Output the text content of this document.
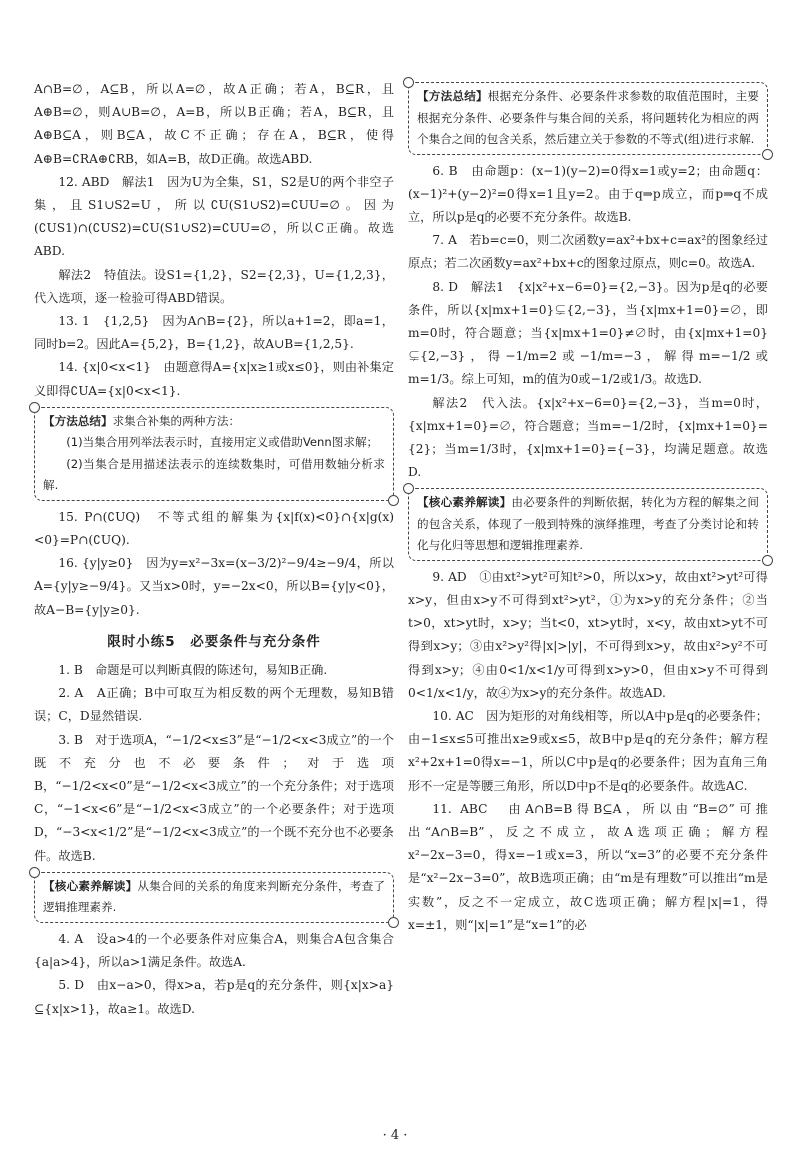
A∩B=∅，A⊆B，所以A=∅，故A正确；若A，B⊆R，且A⊕B=∅，则A∪B=∅，A=B，所以B正确；若A，B⊆R，且A⊕B⊆A，则B⊆A，故C不正确；存在A，B⊆R，使得A⊕B=∁RA⊕∁RB，如A=B，故D正确。故选ABD.

12. ABD　解法1　因为U为全集，S1，S2是U的两个非空子集，且S1∪S2=U，所以∁U(S1∪S2)=∁UU=∅。因为(∁US1)∩(∁US2)=∁U(S1∪S2)=∁UU=∅，所以C正确。故选ABD.

解法2　特值法。设S1={1,2}，S2={2,3}，U={1,2,3}，代入选项，逐一检验可得ABD错误。

13. 1　{1,2,5}　因为A∩B={2}，所以a+1=2，即a=1，同时b=2。因此A={5,2}，B={1,2}，故A∪B={1,2,5}.

14. {x|0<x<1}　由题意得A={x|x≥1或x≤0}，则由补集定义即得∁UA={x|0<x<1}.

【方法总结】求集合补集的两种方法：

(1)当集合用列举法表示时，直接用定义或借助Venn图求解；

(2)当集合是用描述法表示的连续数集时，可借用数轴分析求解.

15. P∩(∁UQ)　不等式组的解集为{x|f(x)<0}∩{x|g(x)<0}=P∩(∁UQ).

16. {y|y≥0}　因为y=x²−3x=(x−3/2)²−9/4≥−9/4，所以A={y|y≥−9/4}。又当x>0时，y=−2x<0，所以B={y|y<0}，故A−B={y|y≥0}.

限时小练5　必要条件与充分条件

1. B　命题是可以判断真假的陈述句，易知B正确.

2. A　A正确；B中可取互为相反数的两个无理数，易知B错误；C，D显然错误.

3. B　对于选项A，“−1/2<x≤3”是“−1/2<x<3成立”的一个既不充分也不必要条件；对于选项B，“−1/2<x<0”是“−1/2<x<3成立”的一个充分条件；对于选项C，“−1<x<6”是“−1/2<x<3成立”的一个必要条件；对于选项D，“−3<x<1/2”是“−1/2<x<3成立”的一个既不充分也不必要条件。故选B.

【核心素养解读】从集合间的关系的角度来判断充分条件，考查了逻辑推理素养.

4. A　设a>4的一个必要条件对应集合A，则集合A包含集合{a|a>4}，所以a>1满足条件。故选A.

5. D　由x−a>0，得x>a，若p是q的充分条件，则{x|x>a}⊆{x|x>1}，故a≥1。故选D.

【方法总结】根据充分条件、必要条件求参数的取值范围时，主要根据充分条件、必要条件与集合间的关系，将问题转化为相应的两个集合之间的包含关系，然后建立关于参数的不等式(组)进行求解.

6. B　由命题p：(x−1)(y−2)=0得x=1或y=2；由命题q：(x−1)²+(y−2)²=0得x=1且y=2。由于q⇒p成立，而p⇒q不成立，所以p是q的必要不充分条件。故选B.

7. A　若b=c=0，则二次函数y=ax²+bx+c=ax²的图象经过原点；若二次函数y=ax²+bx+c的图象过原点，则c=0。故选A.

8. D　解法1　{x|x²+x−6=0}={2,−3}。因为p是q的必要条件，所以{x|mx+1=0}⊊{2,−3}，当{x|mx+1=0}=∅，即m=0时，符合题意；当{x|mx+1=0}≠∅时，由{x|mx+1=0}⊊{2,−3}，得−1/m=2或−1/m=−3，解得m=−1/2或m=1/3。综上可知，m的值为0或−1/2或1/3。故选D.

解法2　代入法。{x|x²+x−6=0}={2,−3}，当m=0时，{x|mx+1=0}=∅，符合题意；当m=−1/2时，{x|mx+1=0}={2}；当m=1/3时，{x|mx+1=0}={−3}，均满足题意。故选D.

【核心素养解读】由必要条件的判断依据，转化为方程的解集之间的包含关系，体现了一般到特殊的演绎推理，考查了分类讨论和转化与化归等思想和逻辑推理素养.

9. AD　①由xt²>yt²可知t²>0，所以x>y，故由xt²>yt²可得x>y，但由x>y不可得到xt²>yt²，①为x>y的充分条件；②当t>0，xt>yt时，x>y；当t<0，xt>yt时，x<y，故由xt>yt不可得到x>y；③由x²>y²得|x|>|y|，不可得到x>y，故由x²>y²不可得到x>y；④由0<1/x<1/y可得到x>y>0，但由x>y不可得到0<1/x<1/y，故④为x>y的充分条件。故选AD.

10. AC　因为矩形的对角线相等，所以A中p是q的必要条件；由−1≤x≤5可推出x≥9或x≤5，故B中p是q的充分条件；解方程x²+2x+1=0得x=−1，所以C中p是q的必要条件；因为直角三角形不一定是等腰三角形，所以D中p不是q的必要条件。故选AC.

11. ABC　由A∩B=B得B⊆A，所以由“B=∅”可推出“A∩B=B”，反之不成立，故A选项正确；解方程x²−2x−3=0，得x=−1或x=3，所以“x=3”的必要不充分条件是“x²−2x−3=0”，故B选项正确；由“m是有理数”可以推出“m是实数”，反之不一定成立，故C选项正确；解方程|x|=1，得x=±1，则“|x|=1”是“x=1”的必

· 4 ·
